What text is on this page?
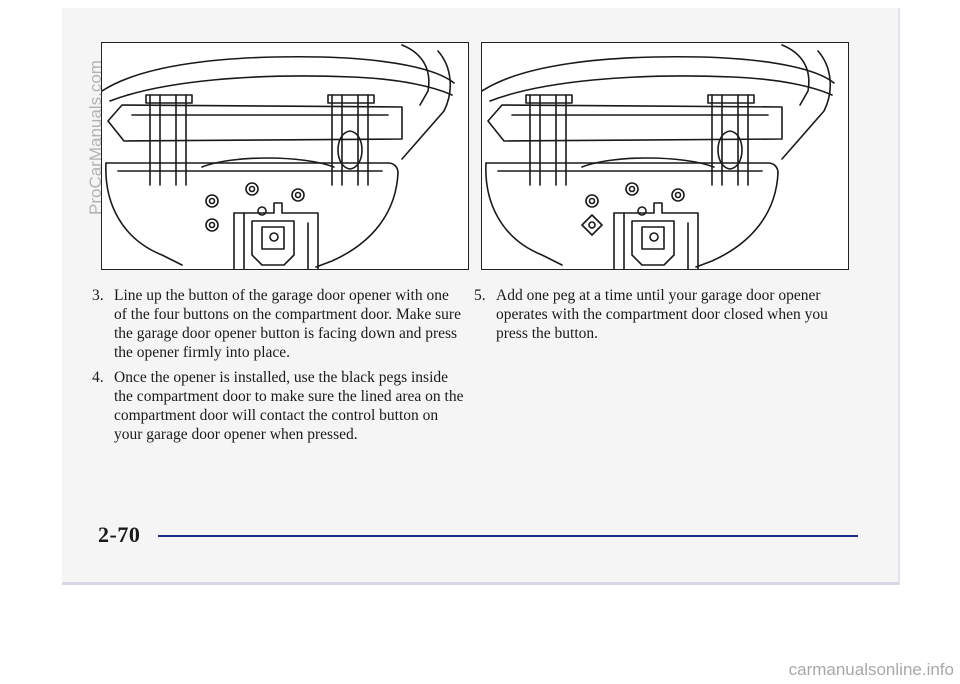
3. Line up the button of the garage door opener with one of the four buttons on the compartment door. Make sure the garage door opener button is facing down and press the opener firmly into place.
4. Once the opener is installed, use the black pegs inside the compartment door to make sure the lined area on the compartment door will contact the control button on your garage door opener when pressed.
5. Add one peg at a time until your garage door opener operates with the compartment door closed when you press the button.
2-70
ProCarManuals.com
carmanualsonline.info
